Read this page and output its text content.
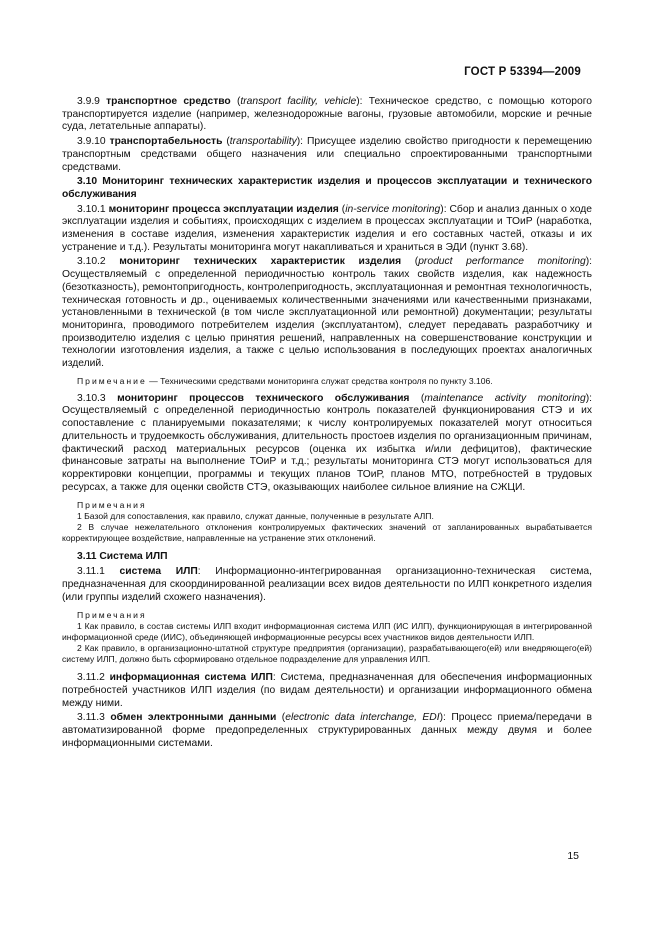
ГОСТ Р 53394—2009

3.9.9 транспортное средство (transport facility, vehicle): Техническое средство, с помощью которого транспортируется изделие (например, железнодорожные вагоны, грузовые автомобили, морские и речные суда, летательные аппараты).

3.9.10 транспортабельность (transportability): Присущее изделию свойство пригодности к перемещению транспортным средствами общего назначения или специально спроектированными транспортными средствами.

3.10 Мониторинг технических характеристик изделия и процессов эксплуатации и технического обслуживания

3.10.1 мониторинг процесса эксплуатации изделия (in-service monitoring): Сбор и анализ данных о ходе эксплуатации изделия и событиях, происходящих с изделием в процессах эксплуатации и ТОиР (наработка, изменения в составе изделия, изменения характеристик изделия и его составных частей, отказы и их устранение и т.д.). Результаты мониторинга могут накапливаться и храниться в ЭДИ (пункт 3.68).

3.10.2 мониторинг технических характеристик изделия (product performance monitoring): Осуществляемый с определенной периодичностью контроль таких свойств изделия, как надежность (безотказность), ремонтопригодность, контролепригодность, эксплуатационная и ремонтная технологичность, техническая готовность и др., оцениваемых количественными значениями или качественными признаками, установленными в технической (в том числе эксплуатационной или ремонтной) документации; результаты мониторинга, проводимого потребителем изделия (эксплуатантом), следует передавать разработчику и производителю изделия с целью принятия решений, направленных на совершенствование конструкции и технологии изготовления изделия, а также с целью использования в последующих проектах аналогичных изделий.

Примечание — Техническими средствами мониторинга служат средства контроля по пункту 3.106.

3.10.3 мониторинг процессов технического обслуживания (maintenance activity monitoring): Осуществляемый с определенной периодичностью контроль показателей функционирования СТЭ и их сопоставление с планируемыми показателями; к числу контролируемых показателей могут относиться длительность и трудоемкость обслуживания, длительность простоев изделия по организационным причинам, фактический расход материальных ресурсов (оценка их избытка и/или дефицитов), фактические финансовые затраты на выполнение ТОиР и т.д.; результаты мониторинга СТЭ могут использоваться для корректировки концепции, программы и текущих планов ТОиР, планов МТО, потребностей в трудовых ресурсах, а также для оценки свойств СТЭ, оказывающих наиболее сильное влияние на СЖЦИ.

Примечания

1 Базой для сопоставления, как правило, служат данные, полученные в результате АЛП.

2 В случае нежелательного отклонения контролируемых фактических значений от запланированных вырабатывается корректирующее воздействие, направленные на устранение этих отклонений.

3.11 Система ИЛП

3.11.1 система ИЛП: Информационно-интегрированная организационно-техническая система, предназначенная для скоординированной реализации всех видов деятельности по ИЛП конкретного изделия (или группы изделий схожего назначения).

Примечания

1 Как правило, в состав системы ИЛП входит информационная система ИЛП (ИС ИЛП), функционирующая в интегрированной информационной среде (ИИС), объединяющей информационные ресурсы всех участников видов деятельности ИЛП.

2 Как правило, в организационно-штатной структуре предприятия (организации), разрабатывающего(ей) или внедряющего(ей) систему ИЛП, должно быть сформировано отдельное подразделение для управления ИЛП.

3.11.2 информационная система ИЛП: Система, предназначенная для обеспечения информационных потребностей участников ИЛП изделия (по видам деятельности) и организации информационного обмена между ними.

3.11.3 обмен электронными данными (electronic data interchange, EDI): Процесс приема/передачи в автоматизированной форме предопределенных структурированных данных между двумя и более информационными системами.

15
